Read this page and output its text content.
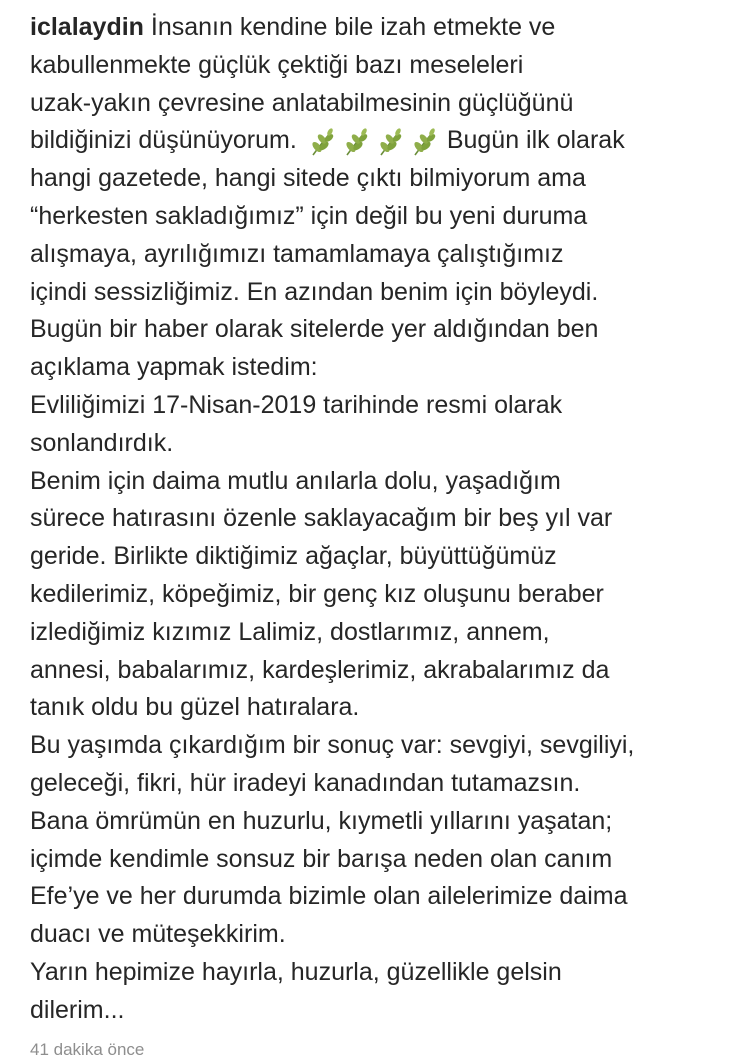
iclalaydin İnsanın kendine bile izah etmekte ve
kabullenmekte güçlük çektiği bazı meseleleri
uzak-yakın çevresine anlatabilmesinin güçlüğünü
bildiğinizi düşünüyorum.	Bugün ilk olarak
hangi gazetede, hangi sitede çıktı bilmiyorum ama
“herkesten sakladığımız” için değil bu yeni duruma
alışmaya, ayrılığımızı tamamlamaya çalıştığımız
içindi sessizliğimiz. En azından benim için böyleydi.
Bugün bir haber olarak sitelerde yer aldığından ben
açıklama yapmak istedim:
Evliliğimizi 17-Nisan-2019 tarihinde resmi olarak
sonlandırdık.
Benim için daima mutlu anılarla dolu, yaşadığım
sürece hatırasını özenle saklayacağım bir beş yıl var
geride. Birlikte diktiğimiz ağaçlar, büyüttüğümüz
kedilerimiz, köpeğimiz, bir genç kız oluşunu beraber
izlediğimiz kızımız Lalimiz, dostlarımız, annem,
annesi, babalarımız, kardeşlerimiz, akrabalarımız da
tanık oldu bu güzel hatıralara.
Bu yaşımda çıkardığım bir sonuç var: sevgiyi, sevgiliyi,
geleceği, fikri, hür iradeyi kanadından tutamazsın.
Bana ömrümün en huzurlu, kıymetli yıllarını yaşatan;
içimde kendimle sonsuz bir barışa neden olan canım
Efe’ye ve her durumda bizimle olan ailelerimize daima
duacı ve müteşekkirim.
Yarın hepimize hayırla, huzurla, güzellikle gelsin
dilerim...
41 dakika önce
